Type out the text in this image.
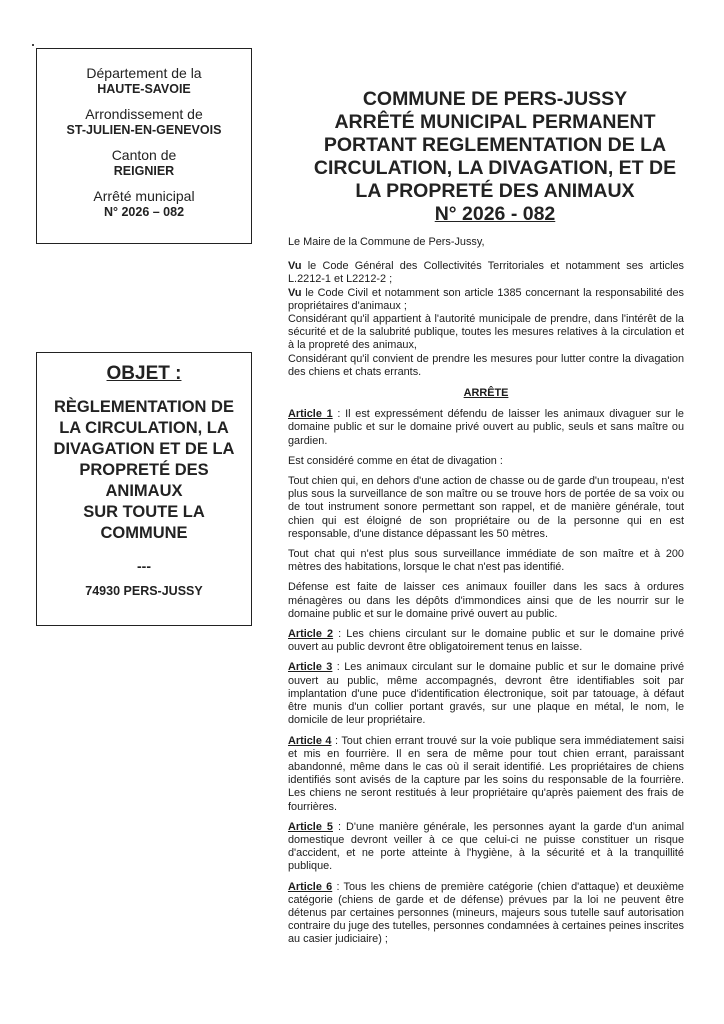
Département de la
HAUTE-SAVOIE
Arrondissement de
ST-JULIEN-EN-GENEVOIS
Canton de
REIGNIER
Arrêté municipal
N° 2026 – 082
OBJET :
RÈGLEMENTATION DE
LA CIRCULATION, LA
DIVAGATION ET DE LA
PROPRETÉ DES
ANIMAUX
SUR TOUTE LA
COMMUNE
---
74930 PERS-JUSSY
COMMUNE DE PERS-JUSSY
ARRÊTÉ MUNICIPAL PERMANENT
PORTANT REGLEMENTATION DE LA
CIRCULATION, LA DIVAGATION, ET DE
LA PROPRETÉ DES ANIMAUX
N° 2026 - 082

Le Maire de la Commune de Pers-Jussy,

Vu le Code Général des Collectivités Territoriales et notamment ses articles L.2212-1 et L2212-2 ;

Vu le Code Civil et notamment son article 1385 concernant la responsabilité des propriétaires d'animaux ;

Considérant qu'il appartient à l'autorité municipale de prendre, dans l'intérêt de la sécurité et de la salubrité publique, toutes les mesures relatives à la circulation et à la propreté des animaux,

Considérant qu'il convient de prendre les mesures pour lutter contre la divagation des chiens et chats errants.

ARRÊTE

Article 1 : Il est expressément défendu de laisser les animaux divaguer sur le domaine public et sur le domaine privé ouvert au public, seuls et sans maître ou gardien.

Est considéré comme en état de divagation :

Tout chien qui, en dehors d'une action de chasse ou de garde d'un troupeau, n'est plus sous la surveillance de son maître ou se trouve hors de portée de sa voix ou de tout instrument sonore permettant son rappel, et de manière générale, tout chien qui est éloigné de son propriétaire ou de la personne qui en est responsable, d'une distance dépassant les 50 mètres.

Tout chat qui n'est plus sous surveillance immédiate de son maître et à 200 mètres des habitations, lorsque le chat n'est pas identifié.

Défense est faite de laisser ces animaux fouiller dans les sacs à ordures ménagères ou dans les dépôts d'immondices ainsi que de les nourrir sur le domaine public et sur le domaine privé ouvert au public.

Article 2 : Les chiens circulant sur le domaine public et sur le domaine privé ouvert au public devront être obligatoirement tenus en laisse.

Article 3 : Les animaux circulant sur le domaine public et sur le domaine privé ouvert au public, même accompagnés, devront être identifiables soit par implantation d'une puce d'identification électronique, soit par tatouage, à défaut être munis d'un collier portant gravés, sur une plaque en métal, le nom, le domicile de leur propriétaire.

Article 4 : Tout chien errant trouvé sur la voie publique sera immédiatement saisi et mis en fourrière. Il en sera de même pour tout chien errant, paraissant abandonné, même dans le cas où il serait identifié. Les propriétaires de chiens identifiés sont avisés de la capture par les soins du responsable de la fourrière. Les chiens ne seront restitués à leur propriétaire qu'après paiement des frais de fourrières.

Article 5 : D'une manière générale, les personnes ayant la garde d'un animal domestique devront veiller à ce que celui-ci ne puisse constituer un risque d'accident, et ne porte atteinte à l'hygiène, à la sécurité et à la tranquillité publique.

Article 6 : Tous les chiens de première catégorie (chien d'attaque) et deuxième catégorie (chiens de garde et de défense) prévues par la loi ne peuvent être détenus par certaines personnes (mineurs, majeurs sous tutelle sauf autorisation contraire du juge des tutelles, personnes condamnées à certaines peines inscrites au casier judiciaire) ;
